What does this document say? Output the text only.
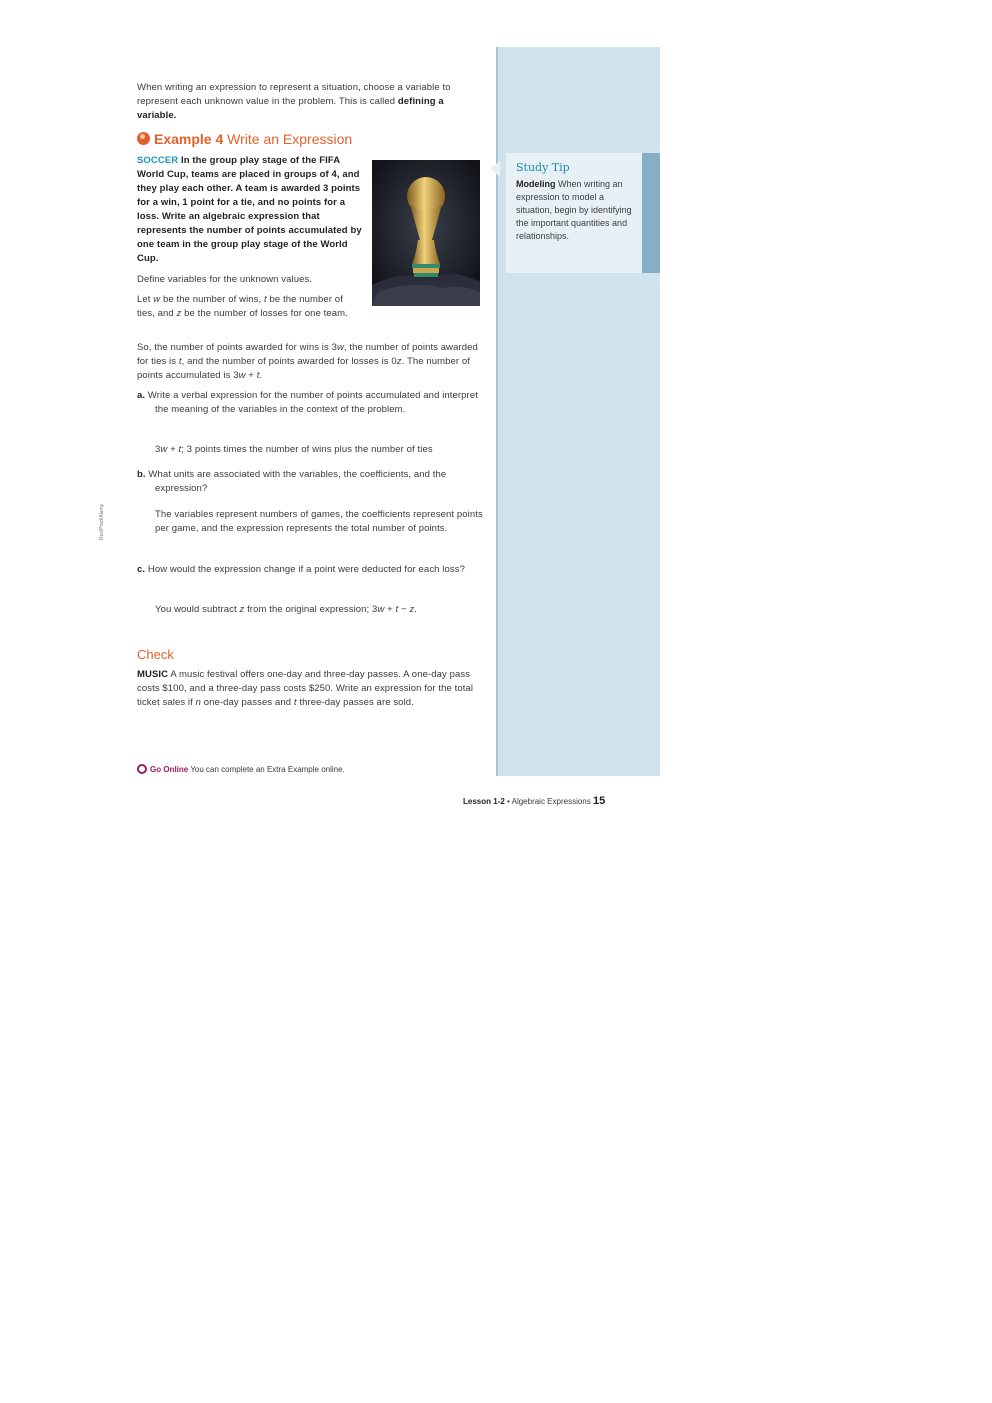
Study Tip
Modeling When writing an expression to model a situation, begin by identifying the important quantities and relationships.
When writing an expression to represent a situation, choose a variable to represent each unknown value in the problem. This is called defining a variable.
Example 4 Write an Expression
SOCCER In the group play stage of the FIFA World Cup, teams are placed in groups of 4, and they play each other. A team is awarded 3 points for a win, 1 point for a tie, and no points for a loss. Write an algebraic expression that represents the number of points accumulated by one team in the group play stage of the World Cup.
Define variables for the unknown values.
Let w be the number of wins, t be the number of ties, and z be the number of losses for one team.
So, the number of points awarded for wins is 3w, the number of points awarded for ties is t, and the number of points awarded for losses is 0z. The number of points accumulated is 3w + t.
a. Write a verbal expression for the number of points accumulated and interpret the meaning of the variables in the context of the problem.
3w + t; 3 points times the number of wins plus the number of ties
b. What units are associated with the variables, the coefficients, and the expression?
The variables represent numbers of games, the coefficients represent points per game, and the expression represents the total number of points.
c. How would the expression change if a point were deducted for each loss?
You would subtract z from the original expression; 3w + t − z.
Check
MUSIC A music festival offers one-day and three-day passes. A one-day pass costs $100, and a three-day pass costs $250. Write an expression for the total ticket sales if n one-day passes and t three-day passes are sold.
Go Online You can complete an Extra Example online.
Lesson 1-2 • Algebraic Expressions 15
Rex/Prod/Alamy
